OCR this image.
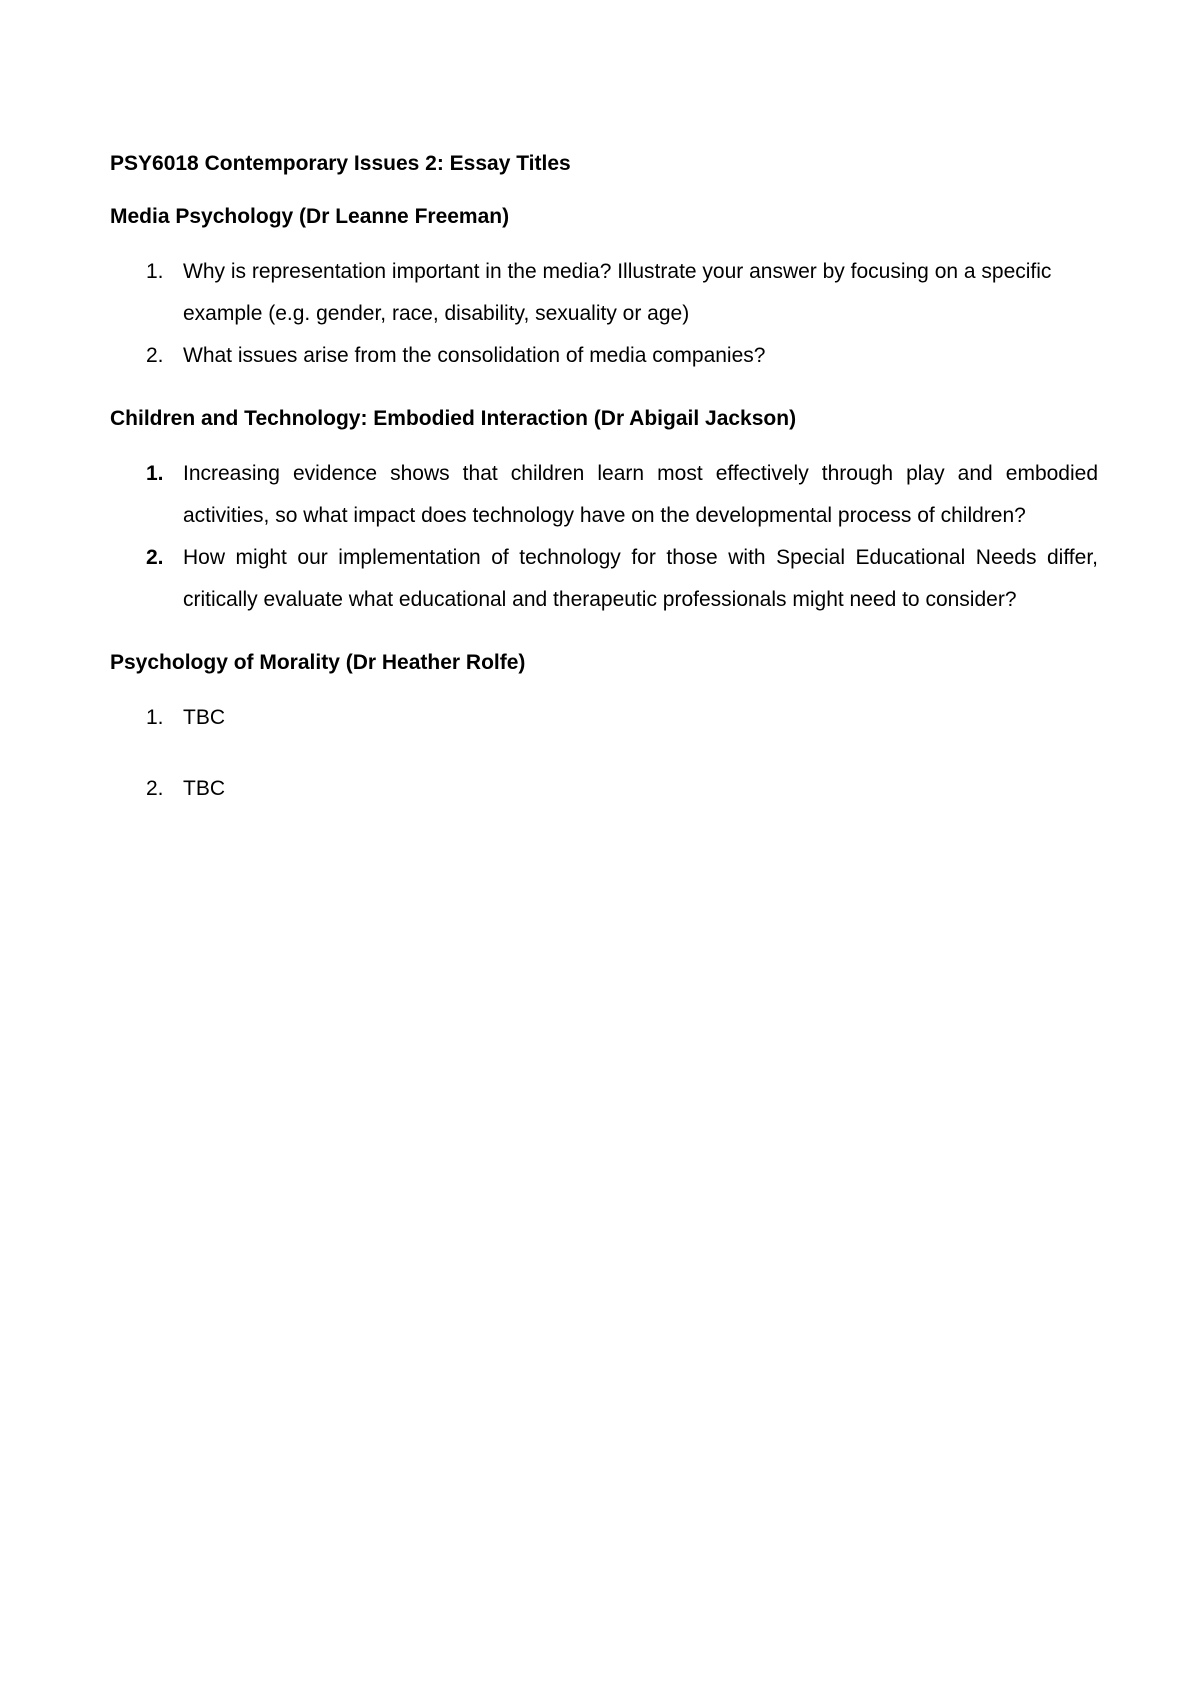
PSY6018 Contemporary Issues 2: Essay Titles
Media Psychology (Dr Leanne Freeman)
1. Why is representation important in the media? Illustrate your answer by focusing on a specific example (e.g. gender, race, disability, sexuality or age)
2. What issues arise from the consolidation of media companies?
Children and Technology: Embodied Interaction (Dr Abigail Jackson)
1. Increasing evidence shows that children learn most effectively through play and embodied activities, so what impact does technology have on the developmental process of children?
2. How might our implementation of technology for those with Special Educational Needs differ, critically evaluate what educational and therapeutic professionals might need to consider?
Psychology of Morality (Dr Heather Rolfe)
1. TBC
2. TBC
